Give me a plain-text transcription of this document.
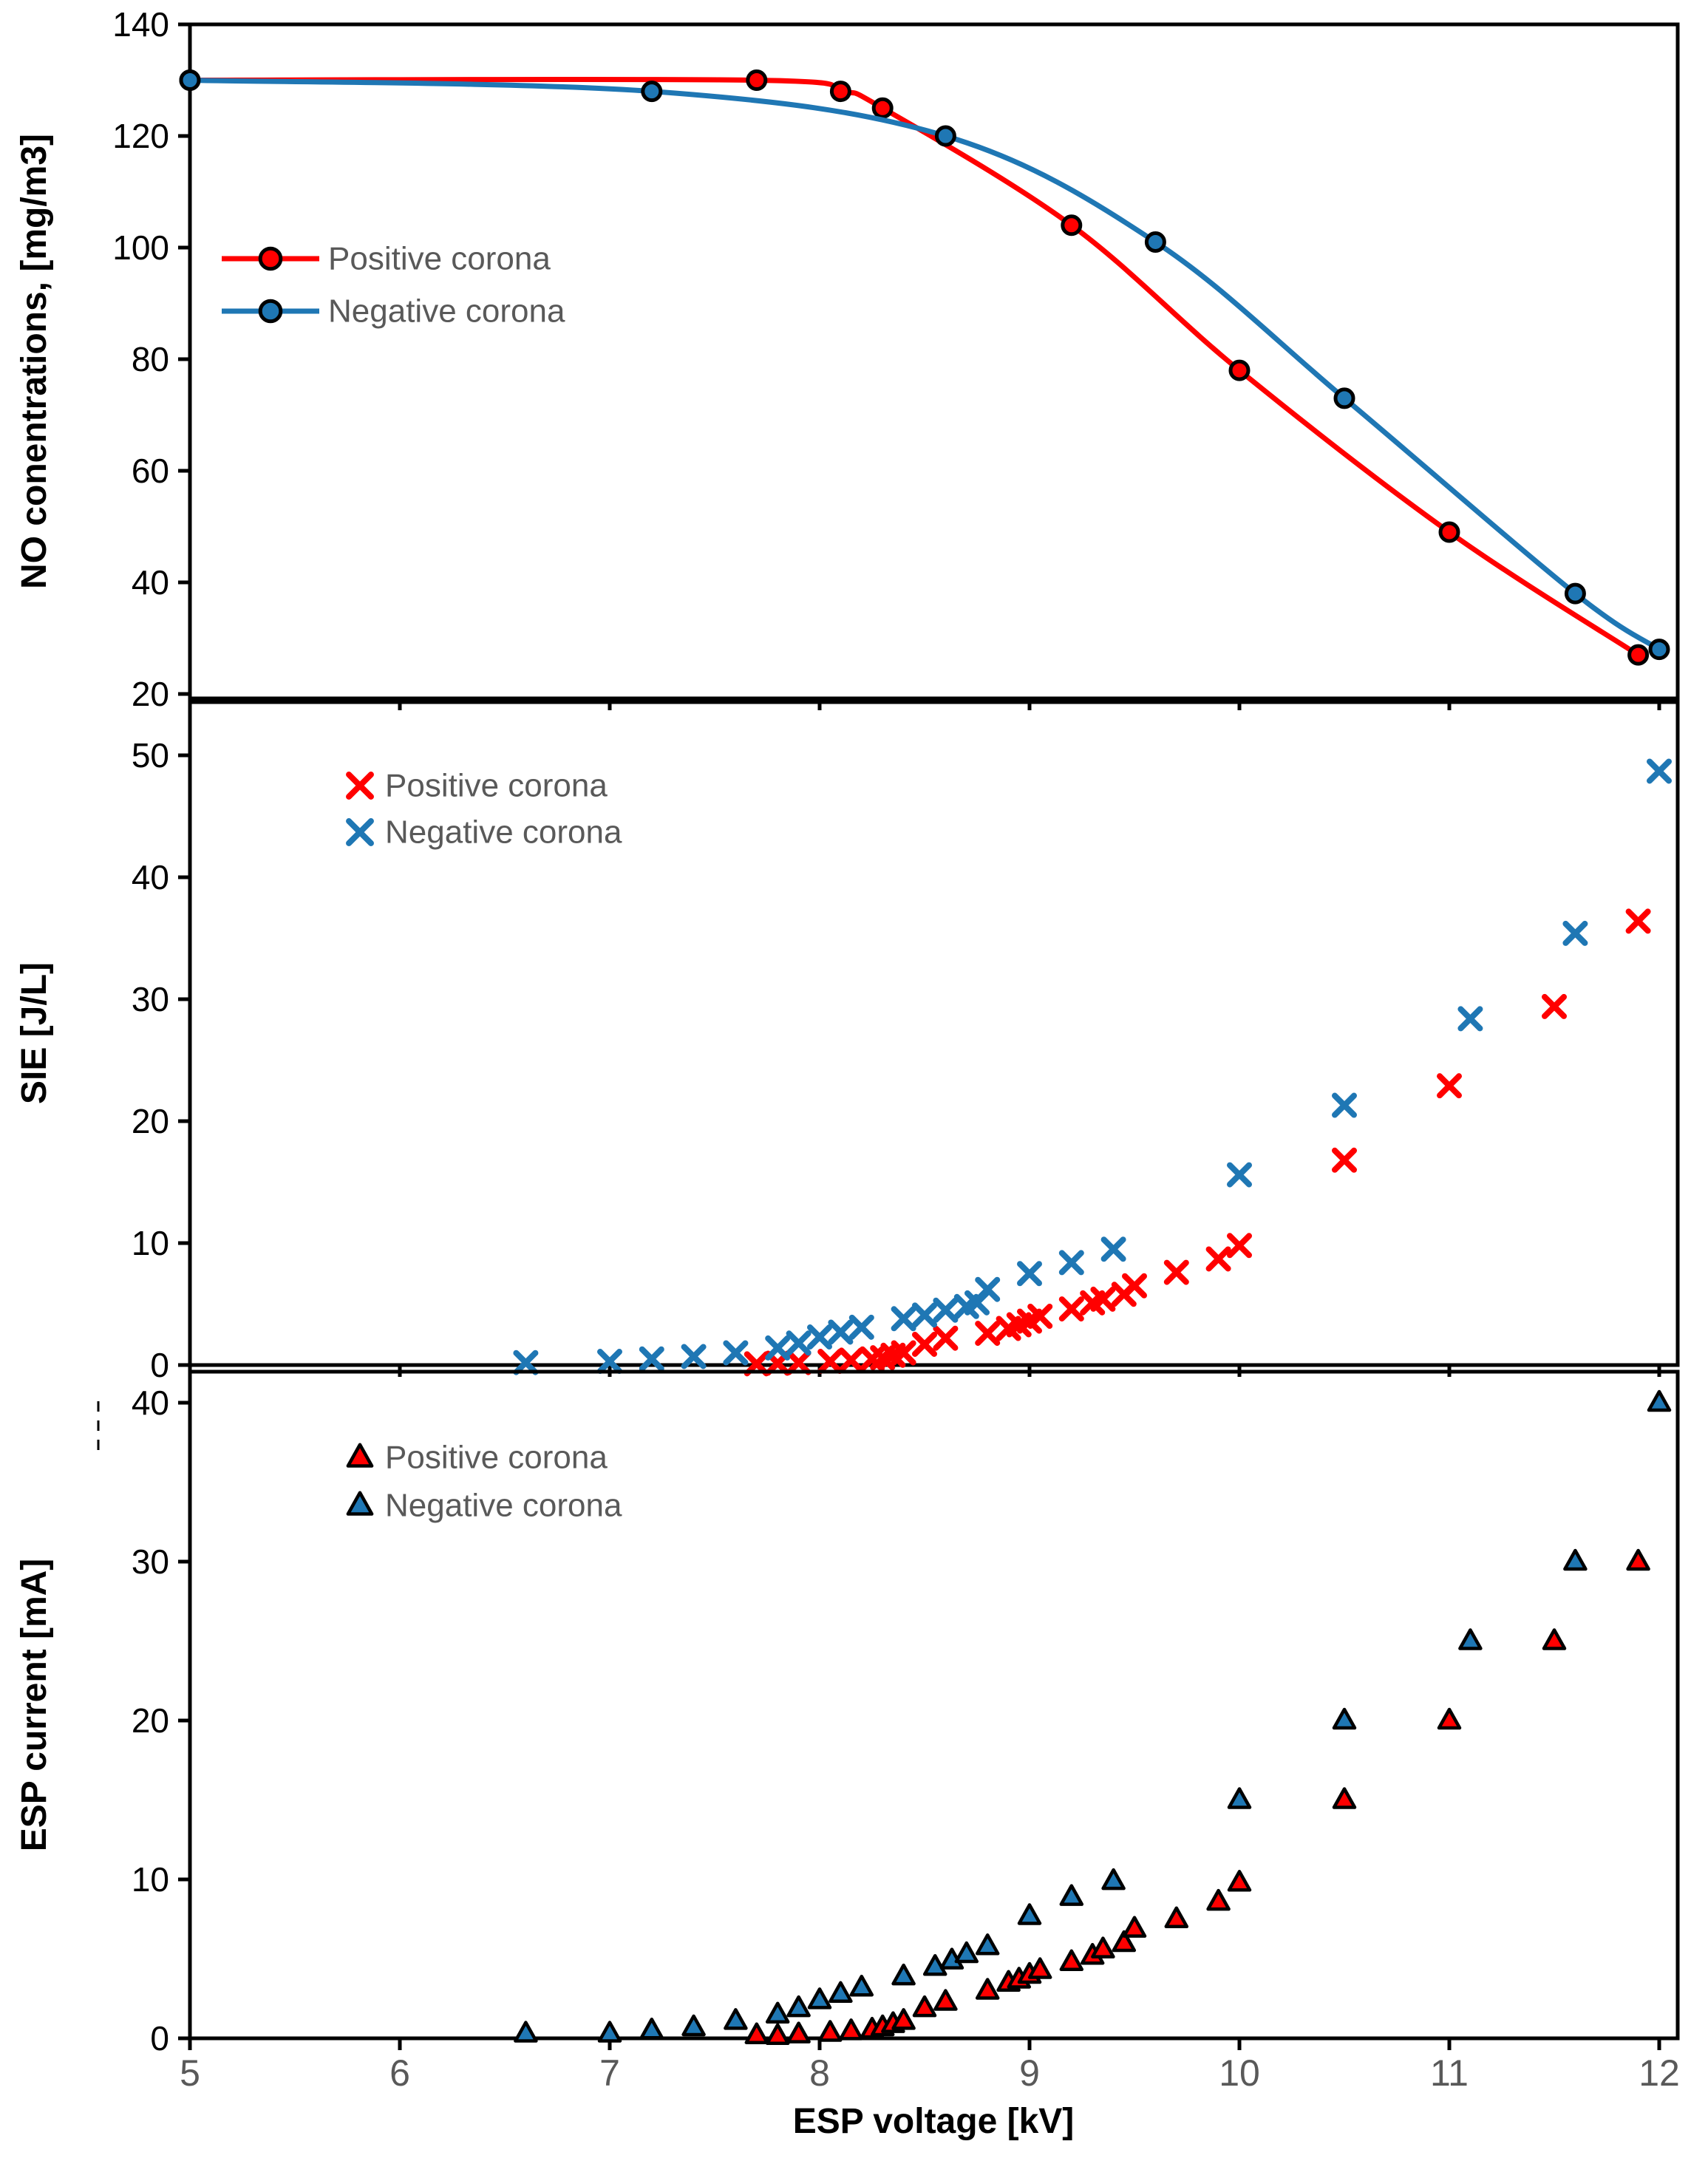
140
120
100
80
60
40
20
NO conentrations, [mg/m3]	Positive corona
Negative corona
50
40
30
20
10
0
SIE [J/L]
Positive corona
Negative corona
40
30
20
10
0
ESP current [mA]
Positive corona
Negative corona
5	6	7	8	9	10	11	12
ESP voltage [kV]
